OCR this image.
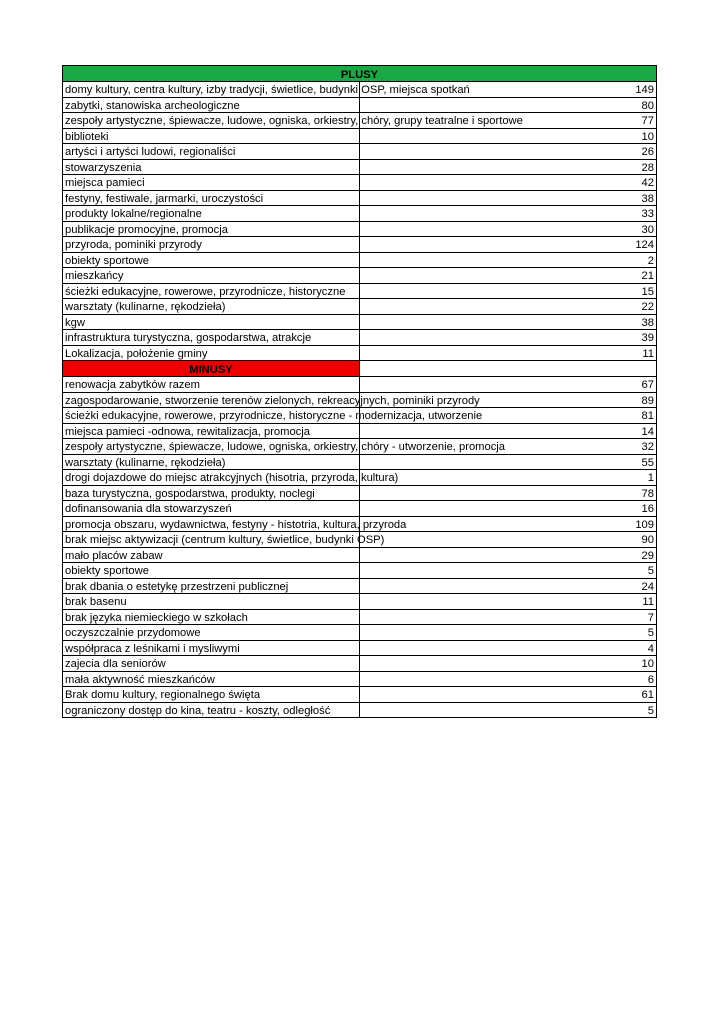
PLUSY	
domy kultury, centra kultury, izby tradycji, świetlice, budynki OSP, miejsca spotkań	149
zabytki, stanowiska archeologiczne	80
zespoły artystyczne, śpiewacze, ludowe, ogniska, orkiestry, chóry, grupy teatralne i sportowe	77
biblioteki	10
artyści i artyści ludowi, regionaliści	26
stowarzyszenia	28
miejsca pamieci	42
festyny, festiwale, jarmarki, uroczystości	38
produkty lokalne/regionalne	33
publikacje promocyjne, promocja	30
przyroda, pominiki przyrody	124
obiekty sportowe	2
mieszkańcy	21
ścieżki edukacyjne, rowerowe, przyrodnicze, historyczne	15
warsztaty (kulinarne, rękodzieła)	22
kgw	38
infrastruktura turystyczna, gospodarstwa, atrakcje	39
Lokalizacja, położenie gminy	11
MINUSY	
renowacja zabytków razem	67
zagospodarowanie, stworzenie terenów zielonych, rekreacyjnych, pominiki przyrody	89
ścieżki edukacyjne, rowerowe, przyrodnicze, historyczne - modernizacja, utworzenie	81
miejsca pamieci -odnowa, rewitalizacja, promocja	14
zespoły artystyczne, śpiewacze, ludowe, ogniska, orkiestry, chóry - utworzenie, promocja	32
warsztaty (kulinarne, rękodzieła)	55
drogi dojazdowe do miejsc atrakcyjnych (hisotria, przyroda, kultura)	1
baza turystyczna, gospodarstwa, produkty, noclegi	78
dofinansowania dla stowarzyszeń	16
promocja obszaru, wydawnictwa, festyny - histotria, kultura, przyroda	109
brak miejsc aktywizacji (centrum kultury, świetlice, budynki OSP)	90
mało placów zabaw	29
obiekty sportowe	5
brak dbania o estetykę przestrzeni publicznej	24
brak basenu	11
brak języka niemieckiego w szkołach	7
oczyszczalnie przydomowe	5
współpraca z leśnikami i mysliwymi	4
zajecia dla seniorów	10
mała aktywność mieszkańców	6
Brak domu kultury, regionalnego święta	61
ograniczony dostęp do kina, teatru - koszty, odległość	5
